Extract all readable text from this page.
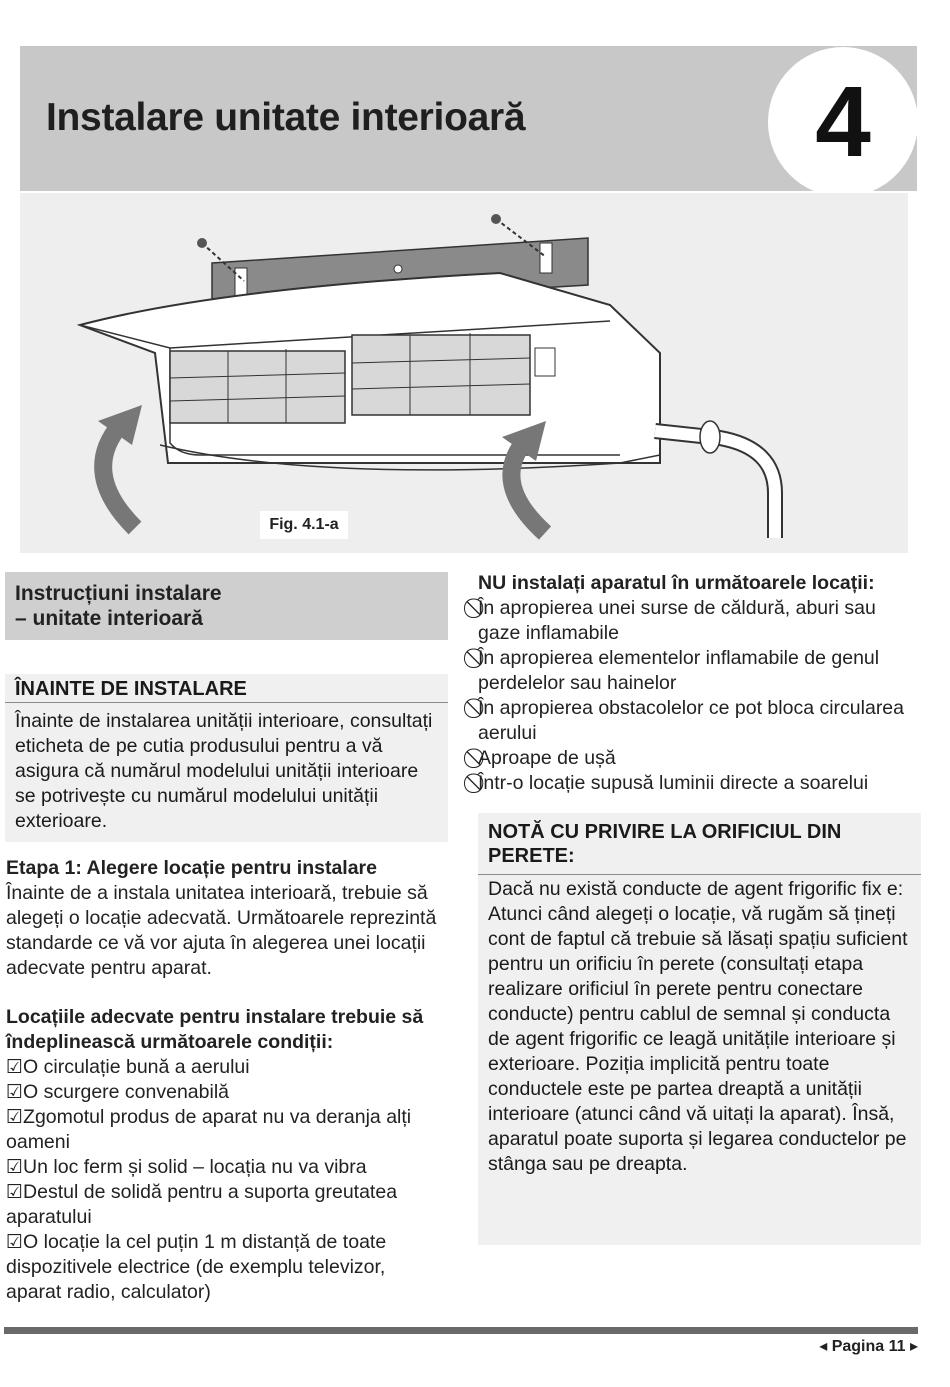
Instalare unitate interioară	4
Fig. 4.1-a
Instrucțiuni instalare
– unitate interioară
ÎNAINTE DE INSTALARE
Înainte de instalarea unității interioare, consultați eticheta de pe cutia produsului pentru a vă asigura că numărul modelului unității interioare se potrivește cu numărul modelului unității exterioare.

Etapa 1: Alegere locație pentru instalare

Înainte de a instala unitatea interioară, trebuie să alegeți o locație adecvată. Următoarele reprezintă standarde ce vă vor ajuta în alegerea unei locații adecvate pentru aparat.

Locațiile adecvate pentru instalare trebuie să îndeplinească următoarele condiții:

☑O circulație bună a aerului

☑O scurgere convenabilă

☑Zgomotul produs de aparat nu va deranja alți oameni

☑Un loc ferm și solid – locația nu va vibra

☑Destul de solidă pentru a suporta greutatea aparatului

☑O locație la cel puțin 1 m distanță de toate dispozitivele electrice (de exemplu televizor, aparat radio, calculator)

NU instalați aparatul în următoarele locații:

În apropierea unei surse de căldură, aburi sau gaze inflamabile

În apropierea elementelor inflamabile de genul perdelelor sau hainelor

În apropierea obstacolelor ce pot bloca circularea aerului

Aproape de ușă

Într-o locație supusă luminii directe a soarelui

NOTĂ CU PRIVIRE LA ORIFICIUL DIN PERETE:

Dacă nu există conducte de agent frigorific fix e:

Atunci când alegeți o locație, vă rugăm să țineți cont de faptul că trebuie să lăsați spațiu suficient pentru un orificiu în perete (consultați etapa realizare orificiul în perete pentru conectare conducte) pentru cablul de semnal și conducta de agent frigorific ce leagă unitățile interioare și exterioare. Poziția implicită pentru toate conductele este pe partea dreaptă a unității interioare (atunci când vă uitați la aparat). Însă, aparatul poate suporta și legarea conductelor pe stânga sau pe dreapta.

◂ Pagina 11 ▸
